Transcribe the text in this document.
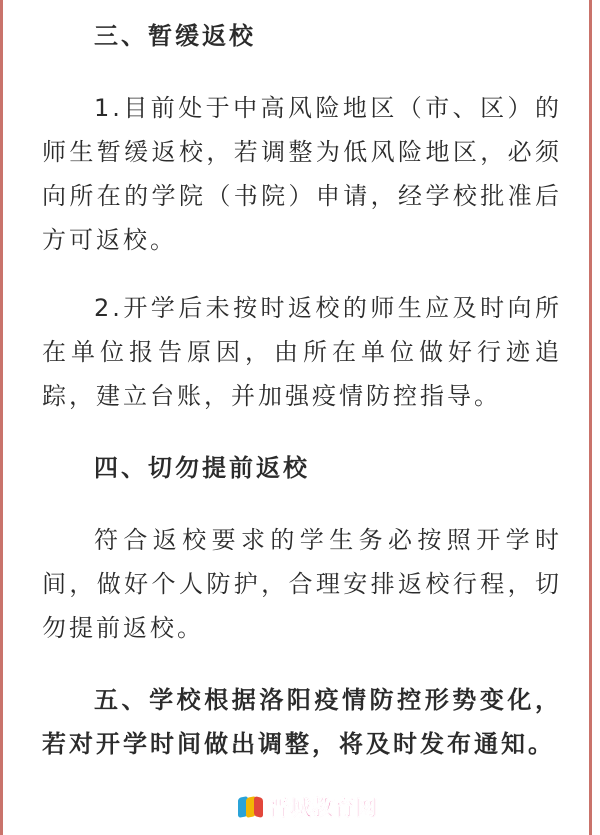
三、暂缓返校

1.目前处于中高风险地区（市、区）的师生暂缓返校，若调整为低风险地区，必须向所在的学院（书院）申请，经学校批准后方可返校。

2.开学后未按时返校的师生应及时向所在单位报告原因，由所在单位做好行迹追踪，建立台账，并加强疫情防控指导。

四、切勿提前返校

符合返校要求的学生务必按照开学时间，做好个人防护，合理安排返校行程，切勿提前返校。

五、学校根据洛阳疫情防控形势变化，若对开学时间做出调整，将及时发布通知。

晋城教育网
